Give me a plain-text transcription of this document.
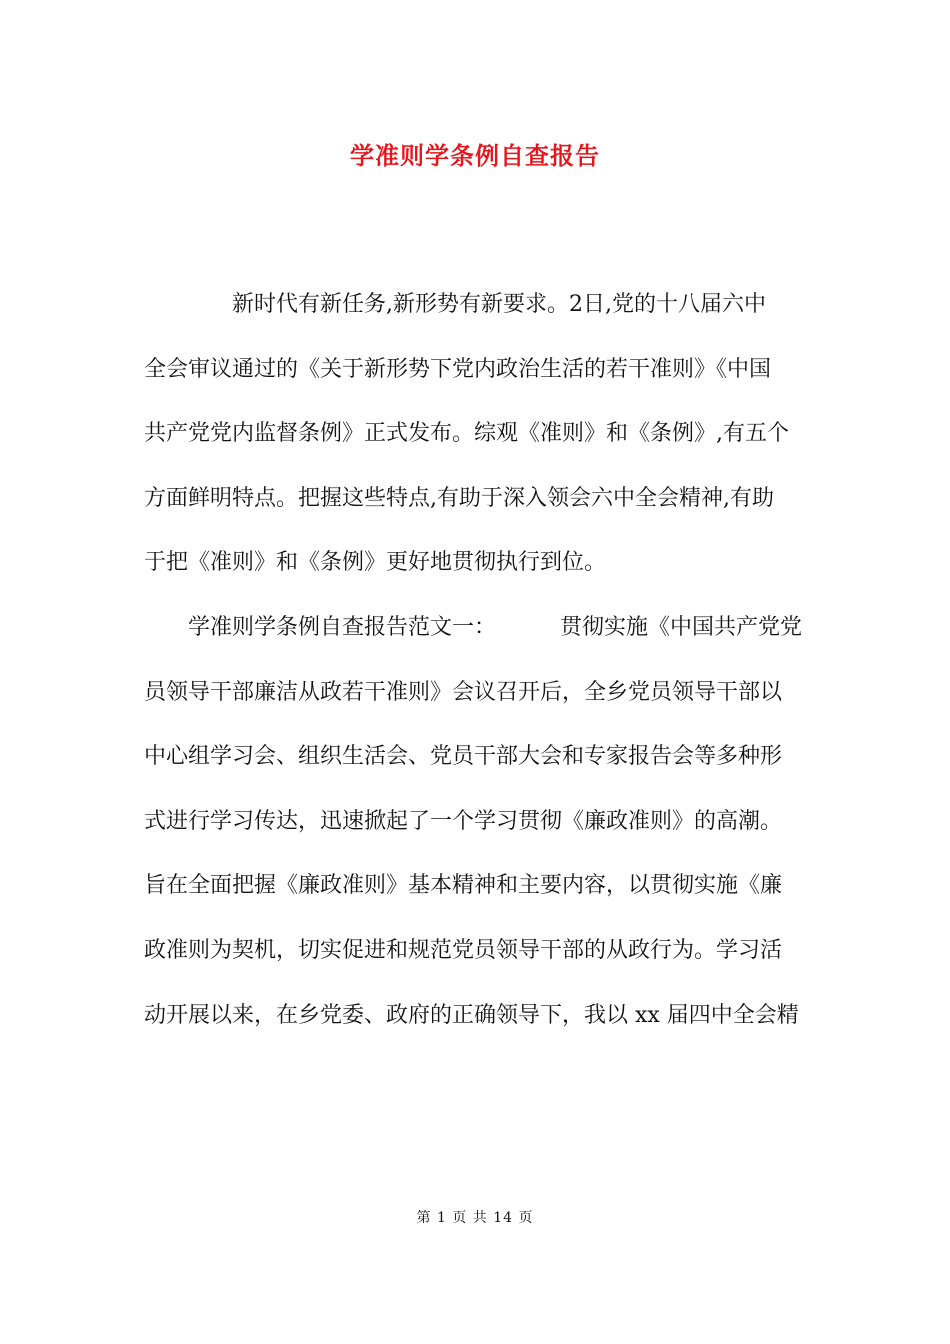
学准则学条例自查报告
新时代有新任务,新形势有新要求。2日,党的十八届六中
全会审议通过的《关于新形势下党内政治生活的若干准则》《中国
共产党党内监督条例》正式发布。综观《准则》和《条例》,有五个
方面鲜明特点。把握这些特点,有助于深入领会六中全会精神,有助
于把《准则》和《条例》更好地贯彻执行到位。
学准则学条例自查报告范文一：	贯彻实施《中国共产党党
员领导干部廉洁从政若干准则》会议召开后，全乡党员领导干部以
中心组学习会、组织生活会、党员干部大会和专家报告会等多种形
式进行学习传达，迅速掀起了一个学习贯彻《廉政准则》的高潮。
旨在全面把握《廉政准则》基本精神和主要内容，以贯彻实施《廉
政准则为契机，切实促进和规范党员领导干部的从政行为。学习活
动开展以来，在乡党委、政府的正确领导下，我以 xx 届四中全会精
第 1 页 共 14 页
